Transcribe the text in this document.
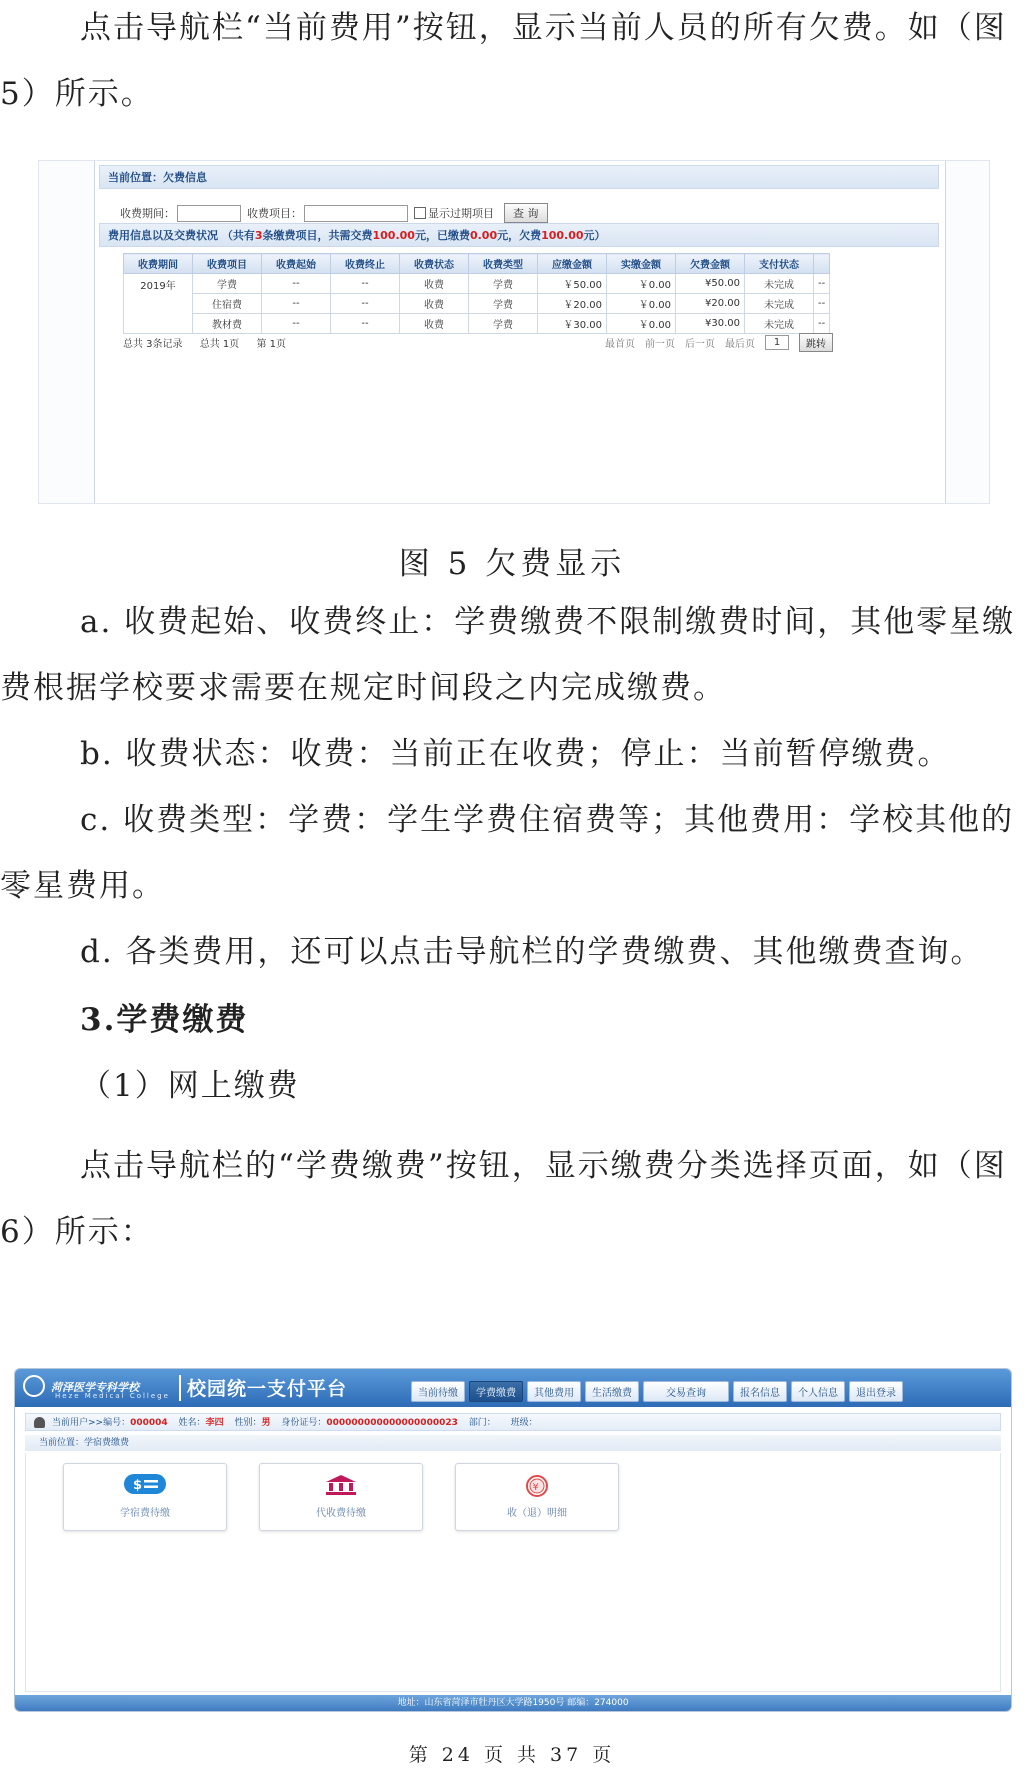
点击导航栏“当前费用”按钮，显示当前人员的所有欠费。如（图
5）所示。
当前位置：欠费信息
收费期间：	收费项目：	显示过期项目	查 询
费用信息以及交费状况 （共有3条缴费项目，共需交费100.00元，已缴费0.00元，欠费100.00元）
收费期间	收费项目	收费起始	收费终止	收费状态	收费类型	应缴金额	实缴金额	欠费金额	支付状态	
2019年	学费	--	--	收费	学费	￥50.00	￥0.00	¥50.00	未完成	--
	住宿费	--	--	收费	学费	￥20.00	￥0.00	¥20.00	未完成	--
	教材费	--	--	收费	学费	￥30.00	￥0.00	¥30.00	未完成	--
总共 3条记录 总共 1页 第 1页	最首页 前一页 后一页 最后页	1	跳转
图 5 欠费显示
a. 收费起始、收费终止：学费缴费不限制缴费时间，其他零星缴
费根据学校要求需要在规定时间段之内完成缴费。
b. 收费状态：收费：当前正在收费；停止：当前暂停缴费。
c. 收费类型：学费：学生学费住宿费等；其他费用：学校其他的
零星费用。
d. 各类费用，还可以点击导航栏的学费缴费、其他缴费查询。
3.学费缴费
（1）网上缴费
点击导航栏的“学费缴费”按钮，显示缴费分类选择页面，如（图
6）所示：
菏泽医学专科学校
Heze Medical College 校园统一支付平台	当前待缴	学费缴费	其他费用	生活缴费	交易查询	报名信息	个人信息	退出登录
当前用户>>编号：000004 姓名：李四 性别：男 身份证号：000000000000000000023 部门： 班级：
当前位置：学宿费缴费
$
学宿费待缴	代收费待缴
¥
收（退）明细
地址：山东省菏泽市牡丹区大学路1950号 邮编：274000
第 24 页 共 37 页
